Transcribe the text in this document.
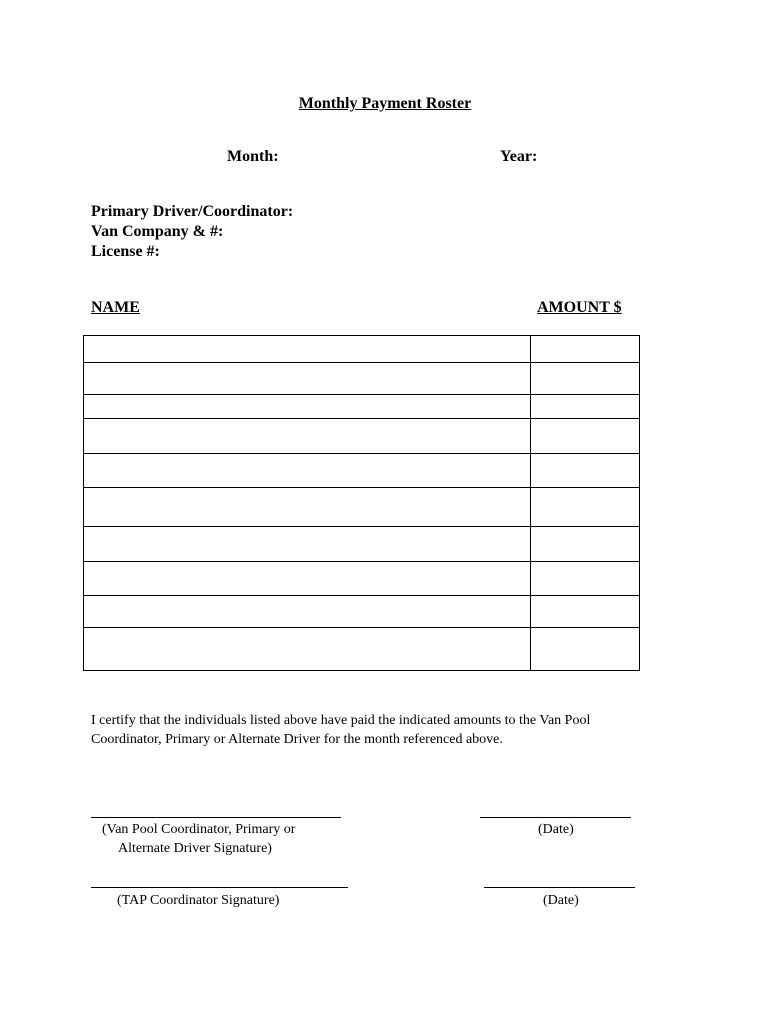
Monthly Payment Roster
Month:	Year:
Primary Driver/Coordinator:
Van Company & #:
License #:
NAME	AMOUNT $

I certify that the individuals listed above have paid the indicated amounts to the Van Pool Coordinator, Primary or Alternate Driver for the month referenced above.
(Van Pool Coordinator, Primary or
Alternate Driver Signature)
(Date)
(TAP Coordinator Signature)	(Date)
